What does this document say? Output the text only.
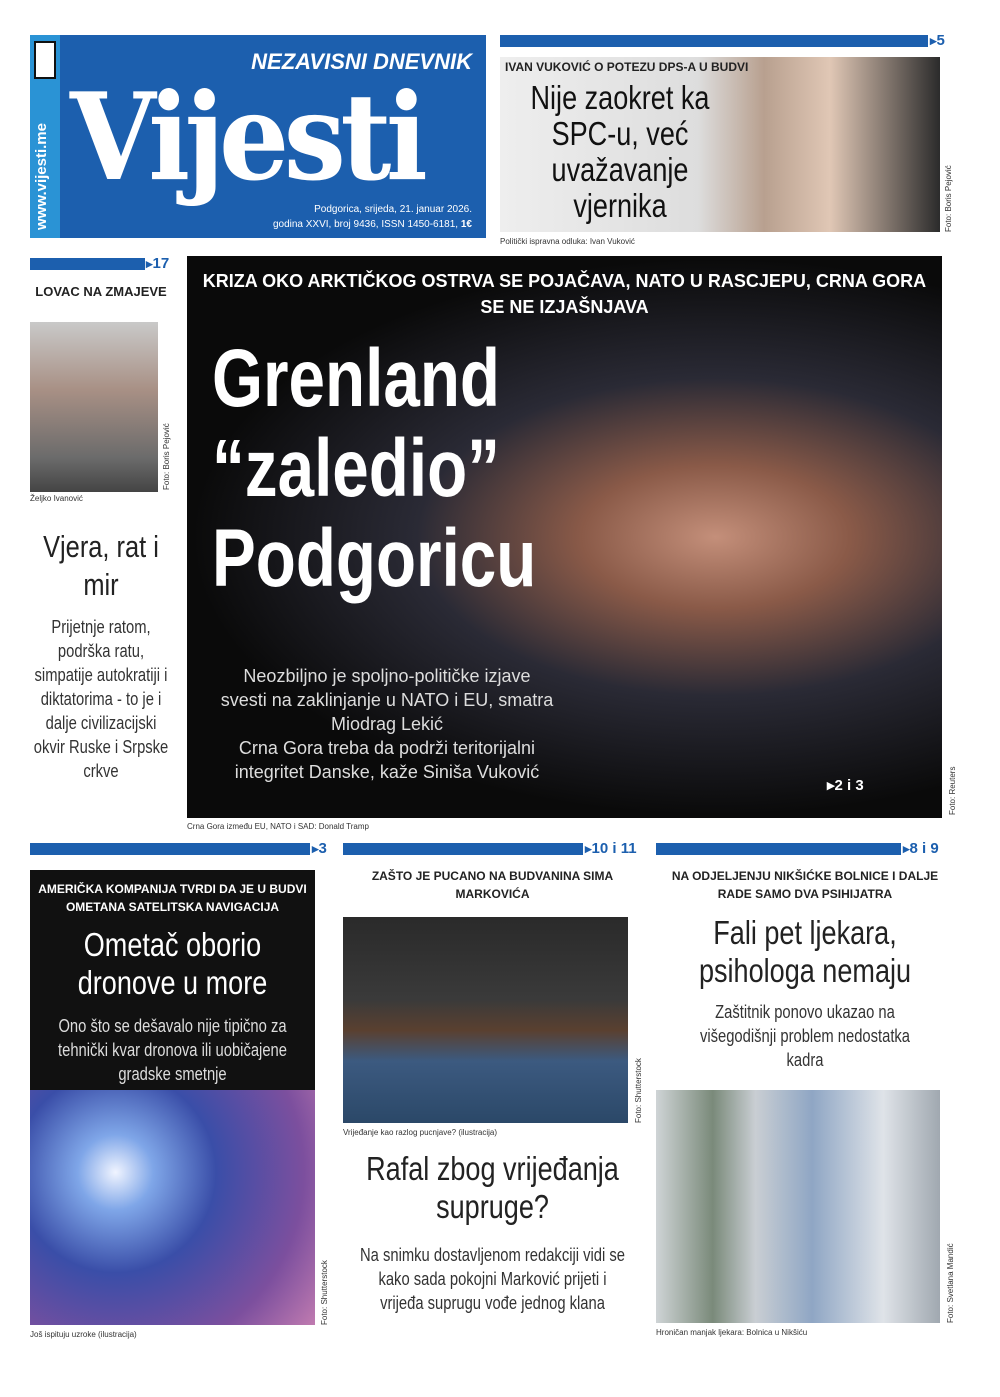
www.vijesti.me
NEZAVISNI DNEVNIK
Vijesti
Podgorica, srijeda, 21. januar 2026.
godina XXVI, broj 9436, ISSN 1450-6181, 1€
▸ 5
IVAN VUKOVIĆ O POTEZU DPS-A U BUDVI
Nije zaokret ka SPC-u, već uvažavanje vjernika
Politički ispravna odluka: Ivan Vuković
Foto: Boris Pejović
▸ 17
LOVAC NA ZMAJEVE
Željko Ivanović
Foto: Boris Pejović
Vjera, rat i mir
Prijetnje ratom, podrška ratu, simpatije autokratiji i diktatorima - to je i dalje civilizacijski okvir Ruske i Srpske crkve
KRIZA OKO ARKTIČKOG OSTRVA SE POJAČAVA, NATO U RASCJEPU, CRNA GORA SE NE IZJAŠNJAVA
Grenland
“zaledio”
Podgoricu
Neozbiljno je spoljno-političke izjave
svesti na zaklinjanje u NATO i EU, smatra
Miodrag Lekić
Crna Gora treba da podrži teritorijalni
integritet Danske, kaže Siniša Vuković
▸2 i 3
Crna Gora između EU, NATO i SAD: Donald Tramp
Foto: Reuters
▸ 3
AMERIČKA KOMPANIJA TVRDI DA JE U BUDVI OMETANA SATELITSKA NAVIGACIJA
Ometač oborio dronove u more
Ono što se dešavalo nije tipično za tehnički kvar dronova ili uobičajene gradske smetnje
Još ispituju uzroke (ilustracija)
Foto: Shutterstock
▸ 10 i 11
ZAŠTO JE PUCANO NA BUDVANINA SIMA MARKOVIĆA
Vrijeđanje kao razlog pucnjave? (ilustracija)
Foto: Shutterstock
Rafal zbog vrijeđanja supruge?
Na snimku dostavljenom redakciji vidi se kako sada pokojni Marković prijeti i vrijeđa suprugu vođe jednog klana
▸ 8 i 9
NA ODJELJENJU NIKŠIĆKE BOLNICE I DALJE RADE SAMO DVA PSIHIJATRA
Fali pet ljekara, psihologa nemaju
Zaštitnik ponovo ukazao na višegodišnji problem nedostatka kadra
Hroničan manjak ljekara: Bolnica u Nikšiću
Foto: Svetlana Mandić
